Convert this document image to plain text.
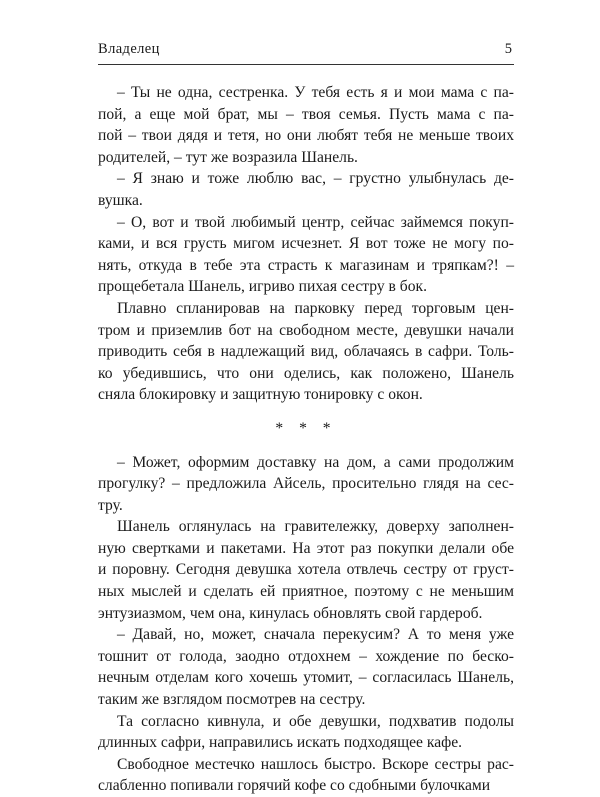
Владелец	5

– Ты не одна, сестренка. У тебя есть я и мои мама с па-
пой, а еще мой брат, мы – твоя семья. Пусть мама с па-
пой – твои дядя и тетя, но они любят тебя не меньше твоих
родителей, – тут же возразила Шанель.

– Я знаю и тоже люблю вас, – грустно улыбнулась де-
вушка.

– О, вот и твой любимый центр, сейчас займемся покуп-
ками, и вся грусть мигом исчезнет. Я вот тоже не могу по-
нять, откуда в тебе эта страсть к магазинам и тряпкам?! –
прощебетала Шанель, игриво пихая сестру в бок.

Плавно спланировав на парковку перед торговым цен-
тром и приземлив бот на свободном месте, девушки начали
приводить себя в надлежащий вид, облачаясь в сафри. Толь-
ко убедившись, что они оделись, как положено, Шанель
сняла блокировку и защитную тонировку с окон.

* * *

– Может, оформим доставку на дом, а сами продолжим
прогулку? – предложила Айсель, просительно глядя на сес-
тру.

Шанель оглянулась на гравитележку, доверху заполнен-
ную свертками и пакетами. На этот раз покупки делали обе
и поровну. Сегодня девушка хотела отвлечь сестру от груст-
ных мыслей и сделать ей приятное, поэтому с не меньшим
энтузиазмом, чем она, кинулась обновлять свой гардероб.

– Давай, но, может, сначала перекусим? А то меня уже
тошнит от голода, заодно отдохнем – хождение по беско-
нечным отделам кого хочешь утомит, – согласилась Шанель,
таким же взглядом посмотрев на сестру.

Та согласно кивнула, и обе девушки, подхватив подолы
длинных сафри, направились искать подходящее кафе.

Свободное местечко нашлось быстро. Вскоре сестры рас-
слабленно попивали горячий кофе со сдобными булочками
